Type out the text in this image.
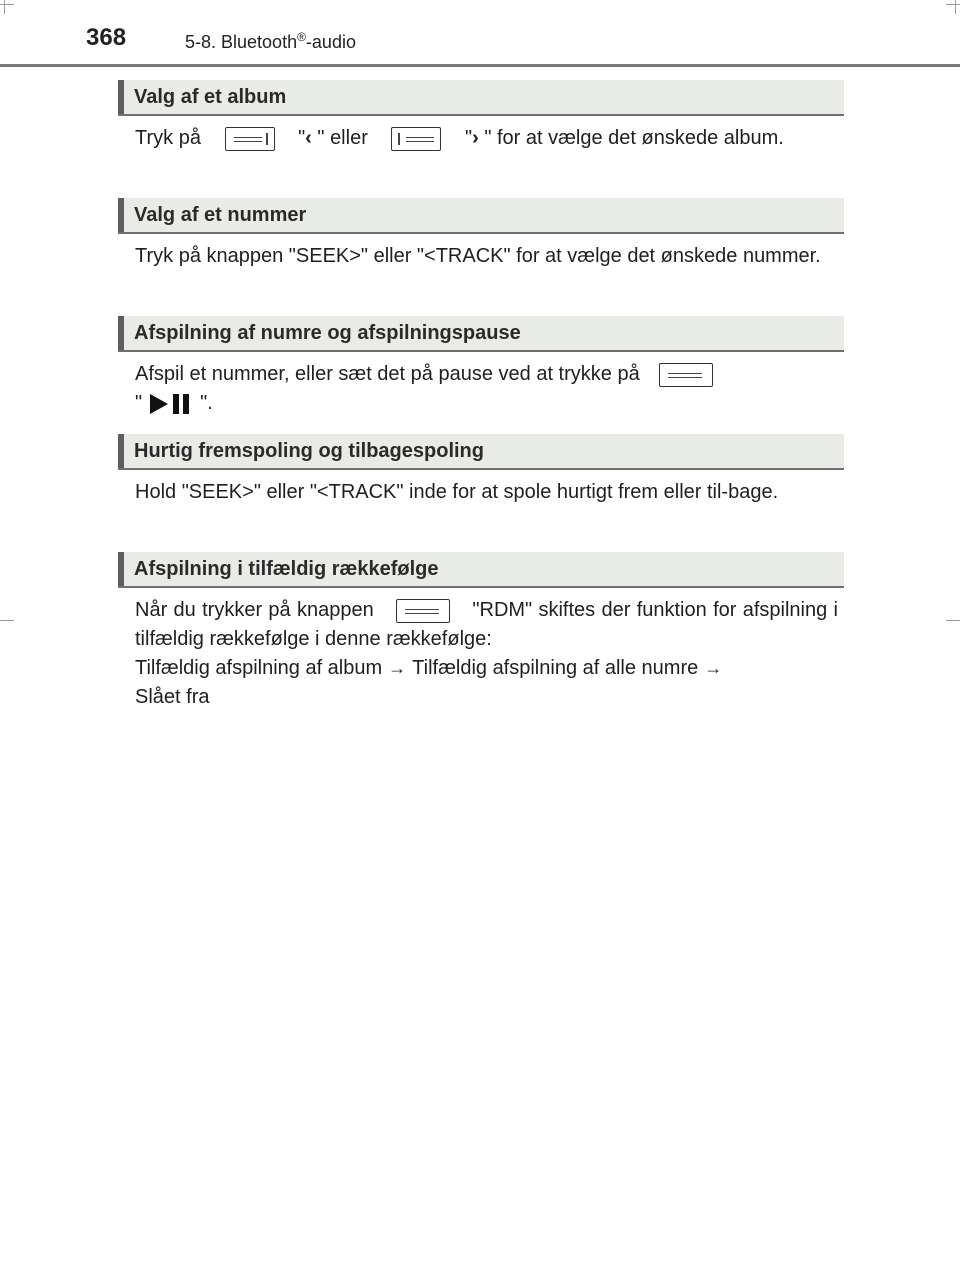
368	5-8. Bluetooth®-audio
Valg af et album
Tryk på	"‹ " eller	"› " for at vælge det ønskede album.
Valg af et nummer
Tryk på knappen "SEEK>" eller "<TRACK" for at vælge det ønskede nummer.
Afspilning af numre og afspilningspause
Afspil et nummer, eller sæt det på pause ved at trykke på

"	".
Hurtig fremspoling og tilbagespoling
Hold "SEEK>" eller "<TRACK" inde for at spole hurtigt frem eller til-bage.
Afspilning i tilfældig rækkefølge
Når du trykker på knappen	"RDM" skiftes der funktion for afspilning i tilfældig rækkefølge i denne rækkefølge:
Tilfældig afspilning af album → Tilfældig afspilning af alle numre →
Slået fra
